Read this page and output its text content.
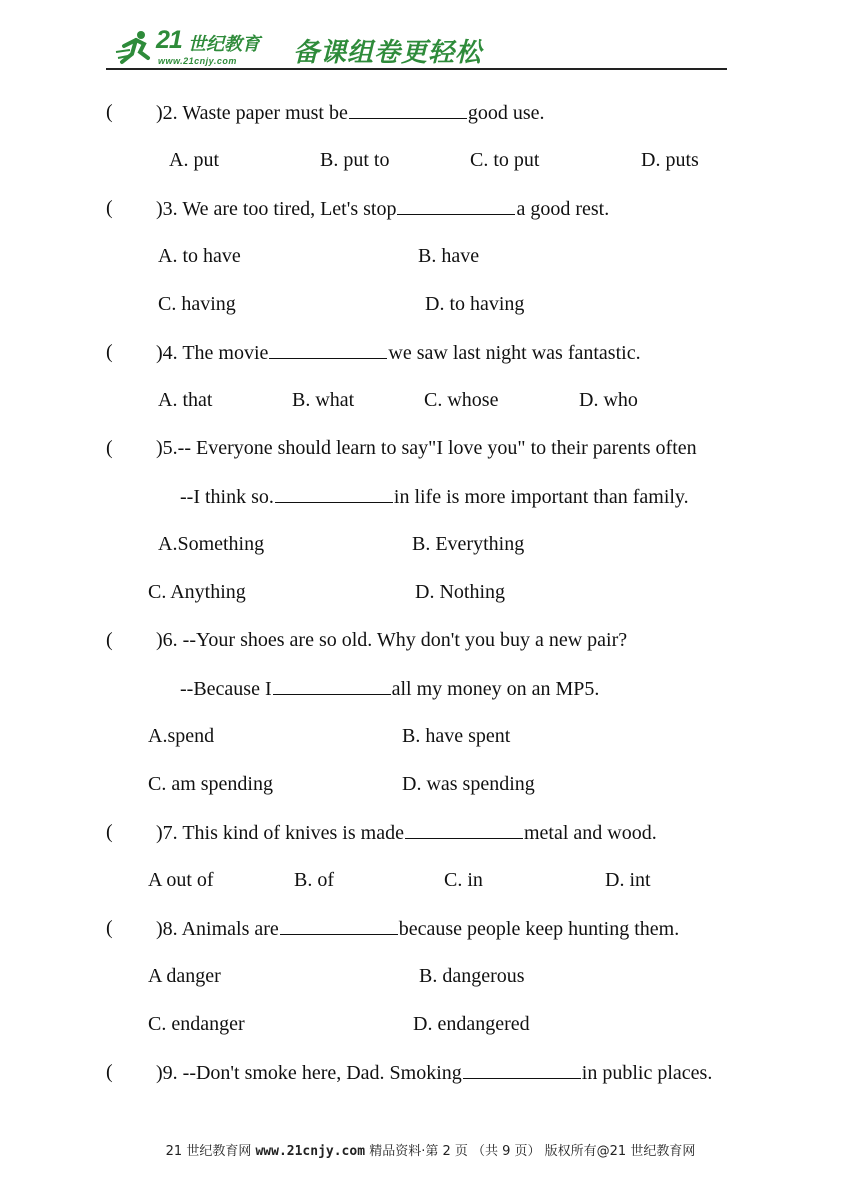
21 世纪教育
www.21cnjy.com 备课组卷更轻松
( )2. Waste paper must be	good use.
A. put	B. put to	C. to put	D. puts
( )3. We are too tired, Let's stop	a good rest.
A. to have	B. have
C. having	D. to having
( )4. The movie	we saw last night was fantastic.
A. that	B. what	C. whose	D. who
( )5.-- Everyone should learn to say"I love you" to their parents often
--I think so.	in life is more important than family.
A.Something	B. Everything
C. Anything	D. Nothing
( )6. --Your shoes are so old. Why don't you buy a new pair?
--Because I	all my money on an MP5.
A.spend	B. have spent
C. am spending	D. was spending
( )7. This kind of knives is made	metal and wood.
A out of	B. of	C. in	D. int
( )8. Animals are	because people keep hunting them.
A danger	B. dangerous
C. endanger	D. endangered
( )9. --Don't smoke here, Dad. Smoking	in public places.
21 世纪教育网 www.21cnjy.com 精品资料·第 2 页 （共 9 页） 版权所有@21 世纪教育网
